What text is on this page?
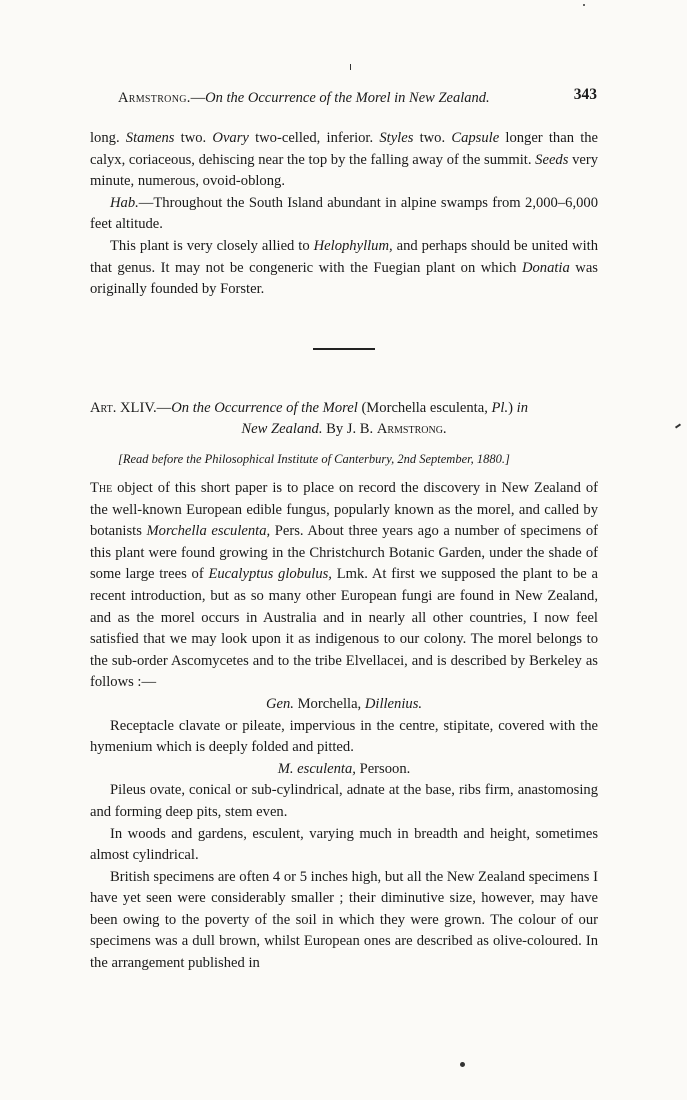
Armstrong.—On the Occurrence of the Morel in New Zealand.	343

long. Stamens two. Ovary two-celled, inferior. Styles two. Capsule longer than the calyx, coriaceous, dehiscing near the top by the falling away of the summit. Seeds very minute, numerous, ovoid-oblong.

Hab.—Throughout the South Island abundant in alpine swamps from 2,000–6,000 feet altitude.

This plant is very closely allied to Helophyllum, and perhaps should be united with that genus. It may not be congeneric with the Fuegian plant on which Donatia was originally founded by Forster.

Art. XLIV.—On the Occurrence of the Morel (Morchella esculenta, Pl.) in
New Zealand. By J. B. Armstrong.
[Read before the Philosophical Institute of Canterbury, 2nd September, 1880.]

The object of this short paper is to place on record the discovery in New Zealand of the well-known European edible fungus, popularly known as the morel, and called by botanists Morchella esculenta, Pers. About three years ago a number of specimens of this plant were found growing in the Christchurch Botanic Garden, under the shade of some large trees of Eucalyptus globulus, Lmk. At first we supposed the plant to be a recent introduction, but as so many other European fungi are found in New Zealand, and as the morel occurs in Australia and in nearly all other countries, I now feel satisfied that we may look upon it as indigenous to our colony. The morel belongs to the sub-order Ascomycetes and to the tribe Elvellacei, and is described by Berkeley as follows :—

Gen. Morchella, Dillenius.

Receptacle clavate or pileate, impervious in the centre, stipitate, covered with the hymenium which is deeply folded and pitted.

M. esculenta, Persoon.

Pileus ovate, conical or sub-cylindrical, adnate at the base, ribs firm, anastomosing and forming deep pits, stem even.

In woods and gardens, esculent, varying much in breadth and height, sometimes almost cylindrical.

British specimens are often 4 or 5 inches high, but all the New Zealand specimens I have yet seen were considerably smaller ; their diminutive size, however, may have been owing to the poverty of the soil in which they were grown. The colour of our specimens was a dull brown, whilst European ones are described as olive-coloured. In the arrangement published in
